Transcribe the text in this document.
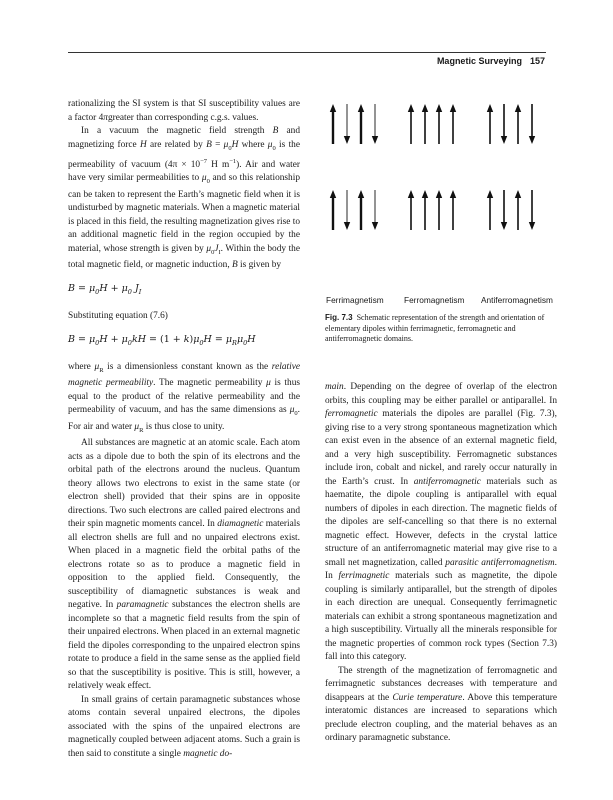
Magnetic Surveying 157

rationalizing the SI system is that SI susceptibility values are a factor 4πgreater than corresponding c.g.s. values.

In a vacuum the magnetic field strength B and magnetizing force H are related by $B = \mu_0H$ where $\mu_0$ is the permeability of vacuum ($4\pi \times 10^{-7}$ H $m^{-1}$). Air and water have very similar permeabilities to $\mu_0$ and so this relationship can be taken to represent the Earth’s magnetic field when it is undisturbed by magnetic materials. When a magnetic material is placed in this field, the resulting magnetization gives rise to an additional magnetic field in the region occupied by the material, whose strength is given by $\mu_0J_I$. Within the body the total magnetic field, or magnetic induction, B is given by

$B = \mu_0H + \mu_0$ $J_I$

Substituting equation (7.6)

$B = \mu_0H + \mu_0kH = (1 + k)\mu_0H = \mu_R\mu_0H$

where $\mu_R$ is a dimensionless constant known as the relative magnetic permeability. The magnetic permeability μ is thus equal to the product of the relative permeability and the permeability of vacuum, and has the same dimensions as $\mu_0$. For air and water $\mu_R$ is thus close to unity.

All substances are magnetic at an atomic scale. Each atom acts as a dipole due to both the spin of its electrons and the orbital path of the electrons around the nucleus. Quantum theory allows two electrons to exist in the same state (or electron shell) provided that their spins are in opposite directions. Two such electrons are called paired electrons and their spin magnetic moments cancel. In diamagnetic materials all electron shells are full and no unpaired electrons exist. When placed in a magnetic field the orbital paths of the electrons rotate so as to produce a magnetic field in opposition to the applied field. Consequently, the susceptibility of diamagnetic substances is weak and negative. In paramagnetic substances the electron shells are incomplete so that a magnetic field results from the spin of their unpaired electrons. When placed in an external magnetic field the dipoles corresponding to the unpaired electron spins rotate to produce a field in the same sense as the applied field so that the susceptibility is positive. This is still, however, a relatively weak effect.

In small grains of certain paramagnetic substances whose atoms contain several unpaired electrons, the dipoles associated with the spins of the unpaired electrons are magnetically coupled between adjacent atoms. Such a grain is then said to constitute a single magnetic do-

Ferrimagnetism Ferromagnetism Antiferromagnetism
Fig. 7.3 Schematic representation of the strength and orientation of elementary dipoles within ferrimagnetic, ferromagnetic and antiferromagnetic domains.

main. Depending on the degree of overlap of the electron orbits, this coupling may be either parallel or antiparallel. In ferromagnetic materials the dipoles are parallel (Fig. 7.3), giving rise to a very strong spontaneous magnetization which can exist even in the absence of an external magnetic field, and a very high susceptibility. Ferromagnetic substances include iron, cobalt and nickel, and rarely occur naturally in the Earth’s crust. In antiferromagnetic materials such as haematite, the dipole coupling is antiparallel with equal numbers of dipoles in each direction. The magnetic fields of the dipoles are self-cancelling so that there is no external magnetic effect. However, defects in the crystal lattice structure of an antiferromagnetic material may give rise to a small net magnetization, called parasitic antiferromagnetism. In ferrimagnetic materials such as magnetite, the dipole coupling is similarly antiparallel, but the strength of dipoles in each direction are unequal. Consequently ferrimagnetic materials can exhibit a strong spontaneous magnetization and a high susceptibility. Virtually all the minerals responsible for the magnetic properties of common rock types (Section 7.3) fall into this category.

The strength of the magnetization of ferromagnetic and ferrimagnetic substances decreases with temperature and disappears at the Curie temperature. Above this temperature interatomic distances are increased to separations which preclude electron coupling, and the material behaves as an ordinary paramagnetic substance.
